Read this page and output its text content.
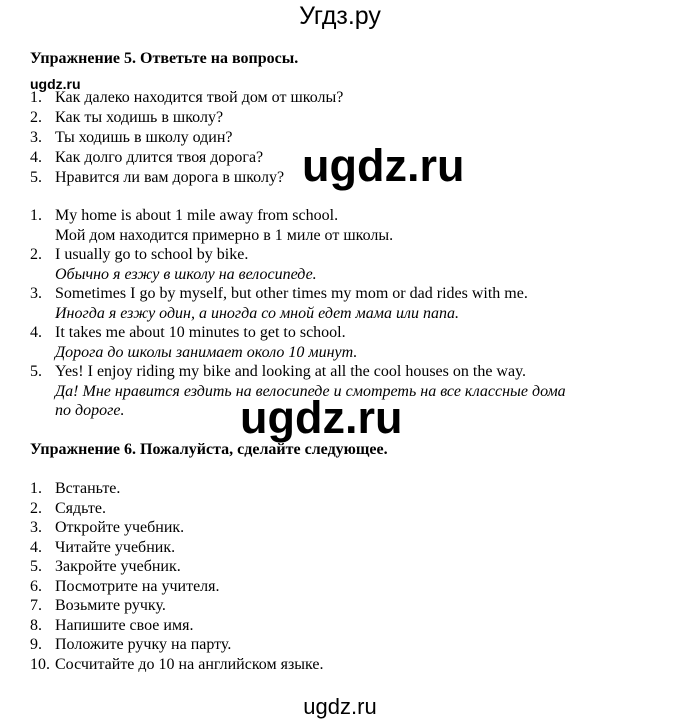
Угдз.ру
Упражнение 5. Ответьте на вопросы.
ugdz.ru
1. Как далеко находится твой дом от школы?
2. Как ты ходишь в школу?
3. Ты ходишь в школу один?
4. Как долго длится твоя дорога?
5. Нравится ли вам дорога в школу? ugdz.ru
1. My home is about 1 mile away from school.
Мой дом находится примерно в 1 миле от школы.
2. I usually go to school by bike.
Обычно я езжу в школу на велосипеде.
3. Sometimes I go by myself, but other times my mom or dad rides with me.
Иногда я езжу один, а иногда со мной едет мама или папа.
4. It takes me about 10 minutes to get to school.
Дорога до школы занимает около 10 минут.
5. Yes! I enjoy riding my bike and looking at all the cool houses on the way.
Да! Мне нравится ездить на велосипеде и смотреть на все классные дома
по дороге.	ugdz.ru
Упражнение 6. Пожалуйста, сделайте следующее.
1. Встаньте.
2. Сядьте.
3. Откройте учебник.
4. Читайте учебник.
5. Закройте учебник.
6. Посмотрите на учителя.
7. Возьмите ручку.
8. Напишите свое имя.
9. Положите ручку на парту.
10. Сосчитайте до 10 на английском языке.
ugdz.ru
